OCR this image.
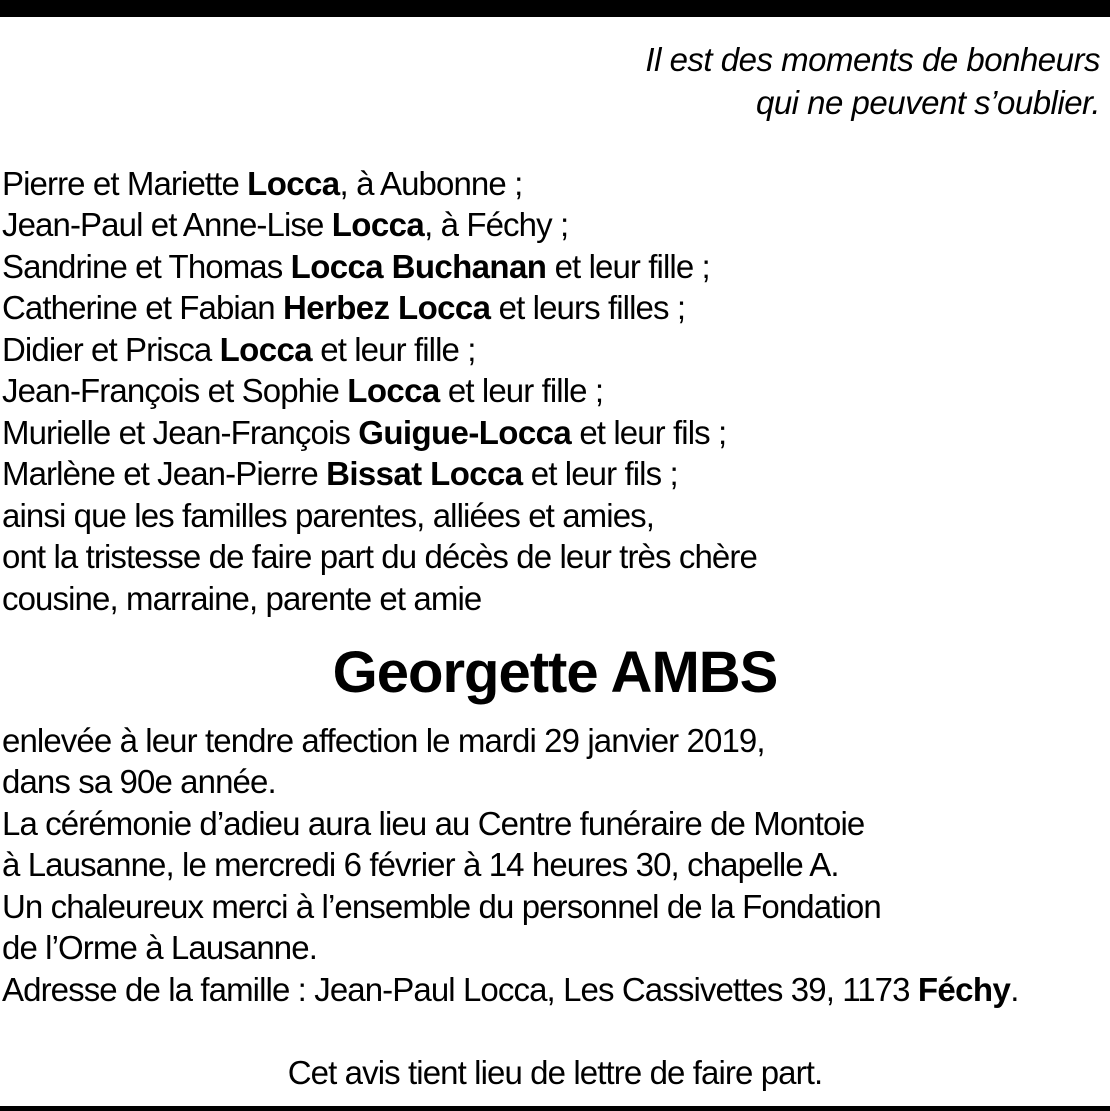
Il est des moments de bonheurs
qui ne peuvent s’oublier.
Pierre et Mariette Locca, à Aubonne ;
Jean-Paul et Anne-Lise Locca, à Féchy ;
Sandrine et Thomas Locca Buchanan et leur fille ;
Catherine et Fabian Herbez Locca et leurs filles ;
Didier et Prisca Locca et leur fille ;
Jean-François et Sophie Locca et leur fille ;
Murielle et Jean-François Guigue-Locca et leur fils ;
Marlène et Jean-Pierre Bissat Locca et leur fils ;
ainsi que les familles parentes, alliées et amies,
ont la tristesse de faire part du décès de leur très chère
cousine, marraine, parente et amie
Georgette AMBS
enlevée à leur tendre affection le mardi 29 janvier 2019,
dans sa 90e année.
La cérémonie d’adieu aura lieu au Centre funéraire de Montoie
à Lausanne, le mercredi 6 février à 14 heures 30, chapelle A.
Un chaleureux merci à l’ensemble du personnel de la Fondation
de l’Orme à Lausanne.
Adresse de la famille : Jean-Paul Locca, Les Cassivettes 39, 1173 Féchy.
Cet avis tient lieu de lettre de faire part.
